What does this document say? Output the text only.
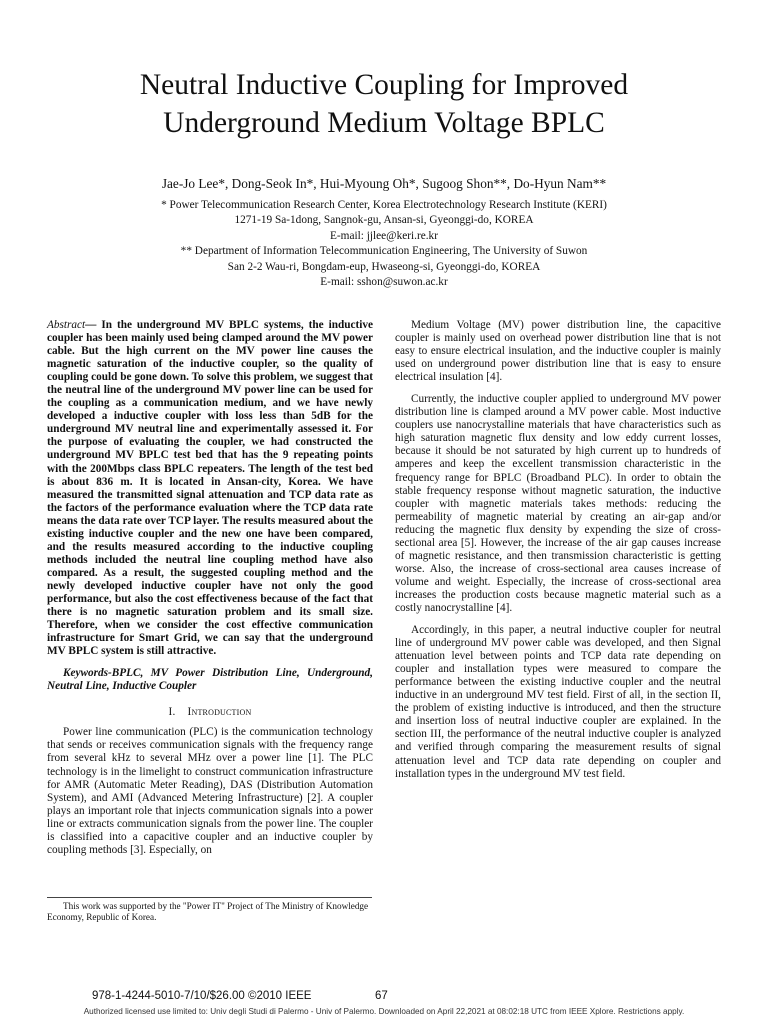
Neutral Inductive Coupling for Improved
Underground Medium Voltage BPLC
Jae-Jo Lee*, Dong-Seok In*, Hui-Myoung Oh*, Sugoog Shon**, Do-Hyun Nam**
* Power Telecommunication Research Center, Korea Electrotechnology Research Institute (KERI)
1271-19 Sa-1dong, Sangnok-gu, Ansan-si, Gyeonggi-do, KOREA
E-mail: jjlee@keri.re.kr
** Department of Information Telecommunication Engineering, The University of Suwon
San 2-2 Wau-ri, Bongdam-eup, Hwaseong-si, Gyeonggi-do, KOREA
E-mail: sshon@suwon.ac.kr

Abstract— In the underground MV BPLC systems, the inductive coupler has been mainly used being clamped around the MV power cable. But the high current on the MV power line causes the magnetic saturation of the inductive coupler, so the quality of coupling could be gone down. To solve this problem, we suggest that the neutral line of the underground MV power line can be used for the coupling as a communication medium, and we have newly developed a inductive coupler with loss less than 5dB for the underground MV neutral line and experimentally assessed it. For the purpose of evaluating the coupler, we had constructed the underground MV BPLC test bed that has the 9 repeating points with the 200Mbps class BPLC repeaters. The length of the test bed is about 836 m. It is located in Ansan-city, Korea. We have measured the transmitted signal attenuation and TCP data rate as the factors of the performance evaluation where the TCP data rate means the data rate over TCP layer. The results measured about the existing inductive coupler and the new one have been compared, and the results measured according to the inductive coupling methods included the neutral line coupling method have also compared. As a result, the suggested coupling method and the newly developed inductive coupler have not only the good performance, but also the cost effectiveness because of the fact that there is no magnetic saturation problem and its small size. Therefore, when we consider the cost effective communication infrastructure for Smart Grid, we can say that the underground MV BPLC system is still attractive.

Keywords-BPLC, MV Power Distribution Line, Underground, Neutral Line, Inductive Coupler

I. Introduction

Power line communication (PLC) is the communication technology that sends or receives communication signals with the frequency range from several kHz to several MHz over a power line [1]. The PLC technology is in the limelight to construct communication infrastructure for AMR (Automatic Meter Reading), DAS (Distribution Automation System), and AMI (Advanced Metering Infrastructure) [2]. A coupler plays an important role that injects communication signals into a power line or extracts communication signals from the power line. The coupler is classified into a capacitive coupler and an inductive coupler by coupling methods [3]. Especially, on

Medium Voltage (MV) power distribution line, the capacitive coupler is mainly used on overhead power distribution line that is not easy to ensure electrical insulation, and the inductive coupler is mainly used on underground power distribution line that is easy to ensure electrical insulation [4].

Currently, the inductive coupler applied to underground MV power distribution line is clamped around a MV power cable. Most inductive couplers use nanocrystalline materials that have characteristics such as high saturation magnetic flux density and low eddy current losses, because it should be not saturated by high current up to hundreds of amperes and keep the excellent transmission characteristic in the frequency range for BPLC (Broadband PLC). In order to obtain the stable frequency response without magnetic saturation, the inductive coupler with magnetic materials takes methods: reducing the permeability of magnetic material by creating an air-gap and/or reducing the magnetic flux density by expending the size of cross-sectional area [5]. However, the increase of the air gap causes increase of magnetic resistance, and then transmission characteristic is getting worse. Also, the increase of cross-sectional area causes increase of volume and weight. Especially, the increase of cross-sectional area increases the production costs because magnetic material such as a costly nanocrystalline [4].

Accordingly, in this paper, a neutral inductive coupler for neutral line of underground MV power cable was developed, and then Signal attenuation level between points and TCP data rate depending on coupler and installation types were measured to compare the performance between the existing inductive coupler and the neutral inductive in an underground MV test field. First of all, in the section II, the problem of existing inductive is introduced, and then the structure and insertion loss of neutral inductive coupler are explained. In the section III, the performance of the neutral inductive coupler is analyzed and verified through comparing the measurement results of signal attenuation level and TCP data rate depending on coupler and installation types in the underground MV test field.

This work was supported by the "Power IT" Project of The Ministry of Knowledge Economy, Republic of Korea.
978-1-4244-5010-7/10/$26.00 ©2010 IEEE	67
Authorized licensed use limited to: Univ degli Studi di Palermo - Univ of Palermo. Downloaded on April 22,2021 at 08:02:18 UTC from IEEE Xplore. Restrictions apply.
